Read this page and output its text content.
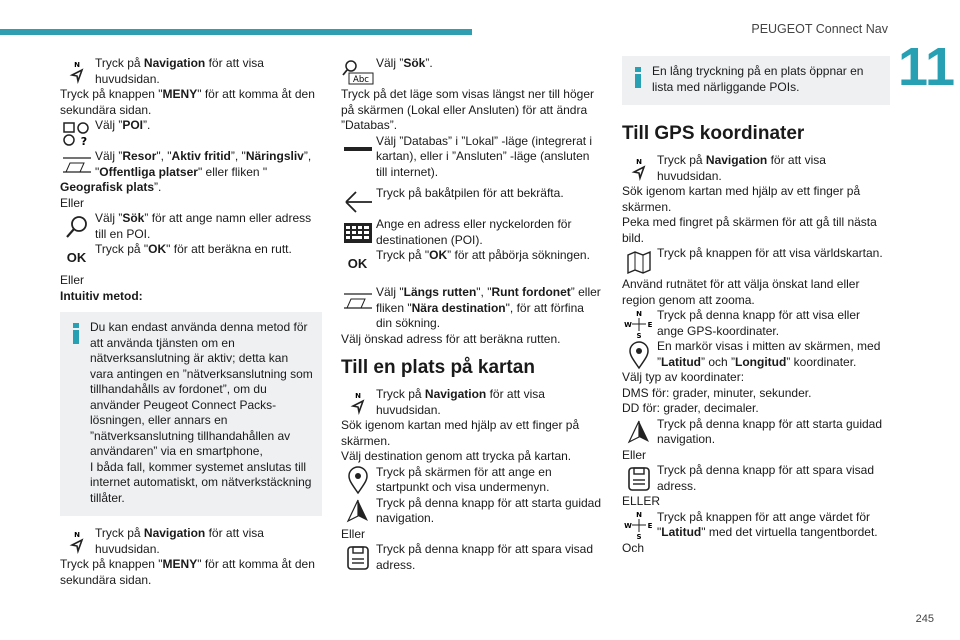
PEUGEOT Connect Nav
11
N Tryck på Navigation för att visa huvudsidan.

Tryck på knappen "MENY" för att komma åt den sekundära sidan.

?
Välj ”POI”.
Välj ”Resor", "Aktiv fritid”, "Näringsliv”, "Offentliga platser" eller fliken "

Geografisk plats”.

Eller

Välj ”Sök” för att ange namn eller adress till en POI.
OK
Tryck på "OK" för att beräkna en rutt.

Eller

Intuitiv metod:

Du kan endast använda denna metod för att använda tjänsten om en nätverksanslutning är aktiv; detta kan vara antingen en ”nätverksanslutning som tillhandahålls av fordonet”, om du använder Peugeot Connect Packs-lösningen, eller annars en ”nätverksanslutning tillhandahållen av användaren” via en smartphone,
I båda fall, kommer systemet anslutas till internet automatiskt, om nätverkstäckning tillåter.
N Tryck på Navigation för att visa huvudsidan.

Tryck på knappen "MENY" för att komma åt den sekundära sidan.

Abc
Välj ”Sök”.

Tryck på det läge som visas längst ner till höger på skärmen (Lokal eller Ansluten) för att ändra ”Databas”.

Välj ”Databas” i ”Lokal” -läge (integrerat i kartan), eller i ”Ansluten” -läge (ansluten till internet).
Tryck på bakåtpilen för att bekräfta.
Ange en adress eller nyckelorden för destinationen (POI).
OK
Tryck på "OK” för att påbörja sökningen.
Välj "Längs rutten", "Runt fordonet” eller fliken "Nära destination", för att förfina din sökning.

Välj önskad adress för att beräkna rutten.

Till en plats på kartan
N Tryck på Navigation för att visa huvudsidan.

Sök igenom kartan med hjälp av ett finger på skärmen.

Välj destination genom att trycka på kartan.

Tryck på skärmen för att ange en startpunkt och visa undermenyn.
Tryck på denna knapp för att starta guidad navigation.

Eller

Tryck på denna knapp för att spara visad adress.
En lång tryckning på en plats öppnar en lista med närliggande POIs.
Till GPS koordinater
N Tryck på Navigation för att visa huvudsidan.

Sök igenom kartan med hjälp av ett finger på skärmen.

Peka med fingret på skärmen för att gå till nästa bild.

Tryck på knappen för att visa världskartan.

Använd rutnätet för att välja önskat land eller region genom att zooma.

N
S
W E
Tryck på denna knapp för att visa eller ange GPS-koordinater.
En markör visas i mitten av skärmen, med ”Latitud” och ”Longitud” koordinater.

Välj typ av koordinater:

DMS för: grader, minuter, sekunder.

DD för: grader, decimaler.

Tryck på denna knapp för att starta guidad navigation.

Eller

Tryck på denna knapp för att spara visad adress.

ELLER

N
S
W E
Tryck på knappen för att ange värdet för "Latitud" med det virtuella tangentbordet.

Och

245
